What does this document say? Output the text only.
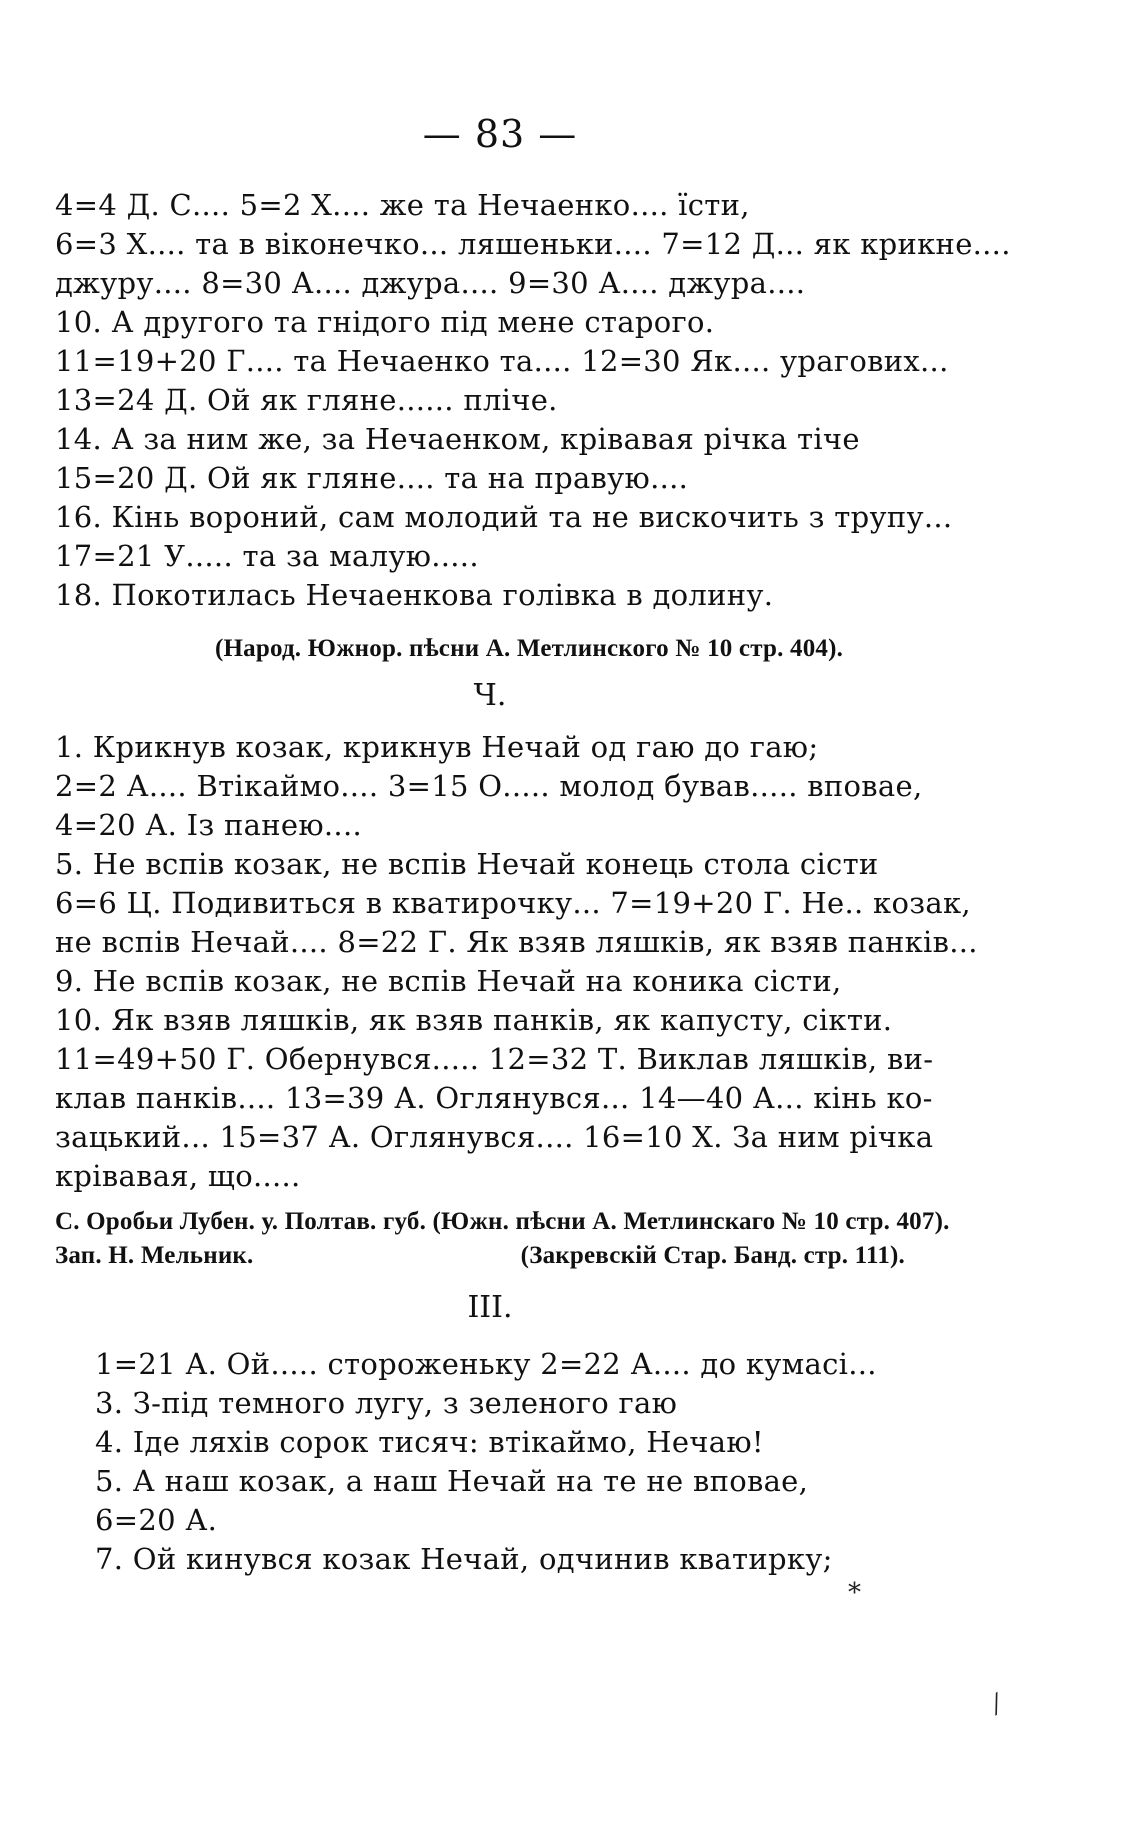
— 83 —
4=4 Д. С.... 5=2 Х.... же та Нечаенко.... їсти,
6=3 Х.... та в віконечко... ляшеньки.... 7=12 Д... як крикне....
джуру.... 8=30 А.... джура.... 9=30 А.... джура....
10. А другого та гнідого під мене старого.
11=19+20 Г.... та Нечаенко та.... 12=30 Як.... урагових...
13=24 Д. Ой як гляне...... пліче.
14. А за ним же, за Нечаенком, крівавая річка тіче
15=20 Д. Ой як гляне.... та на правую....
16. Кінь вороний, сам молодий та не вискочить з трупу...
17=21 У..... та за малую.....
18. Покотилась Нечаенкова голівка в долину.
(Народ. Южнор. пѣсни А. Метлинского № 10 стр. 404).
Ч.
1. Крикнув козак, крикнув Нечай од гаю до гаю;
2=2 А.... Втікаймо.... 3=15 О..... молод бував..... вповае,
4=20 А. Із панею....
5. Не вспів козак, не вспів Нечай конець стола сісти
6=6 Ц. Подивиться в кватирочку... 7=19+20 Г. Не.. козак,
не вспів Нечай.... 8=22 Г. Як взяв ляшків, як взяв панків...
9. Не вспів козак, не вспів Нечай на коника сісти,
10. Як взяв ляшків, як взяв панків, як капусту, сікти.
11=49+50 Г. Обернувся..... 12=32 Т. Виклав ляшків, ви-
клав панків.... 13=39 А. Оглянувся... 14—40 А... кінь ко-
зацький... 15=37 А. Оглянувся.... 16=10 Х. За ним річка
крівавая, що.....
С. Оробьи Лубен. у. Полтав. губ. (Южн. пѣсни А. Метлинскаго № 10 стр. 407).
Зап. Н. Мельник.	(Закревскій Стар. Банд. стр. 111).
III.
1=21 А. Ой..... стороженьку 2=22 А.... до кумасі...
3. З-під темного лугу, з зеленого гаю
4. Іде ляхів сорок тисяч: втікаймо, Нечаю!
5. А наш козак, а наш Нечай на те не вповае,
6=20 А.
7. Ой кинувся козак Нечай, одчинив кватирку;
*
⁄
